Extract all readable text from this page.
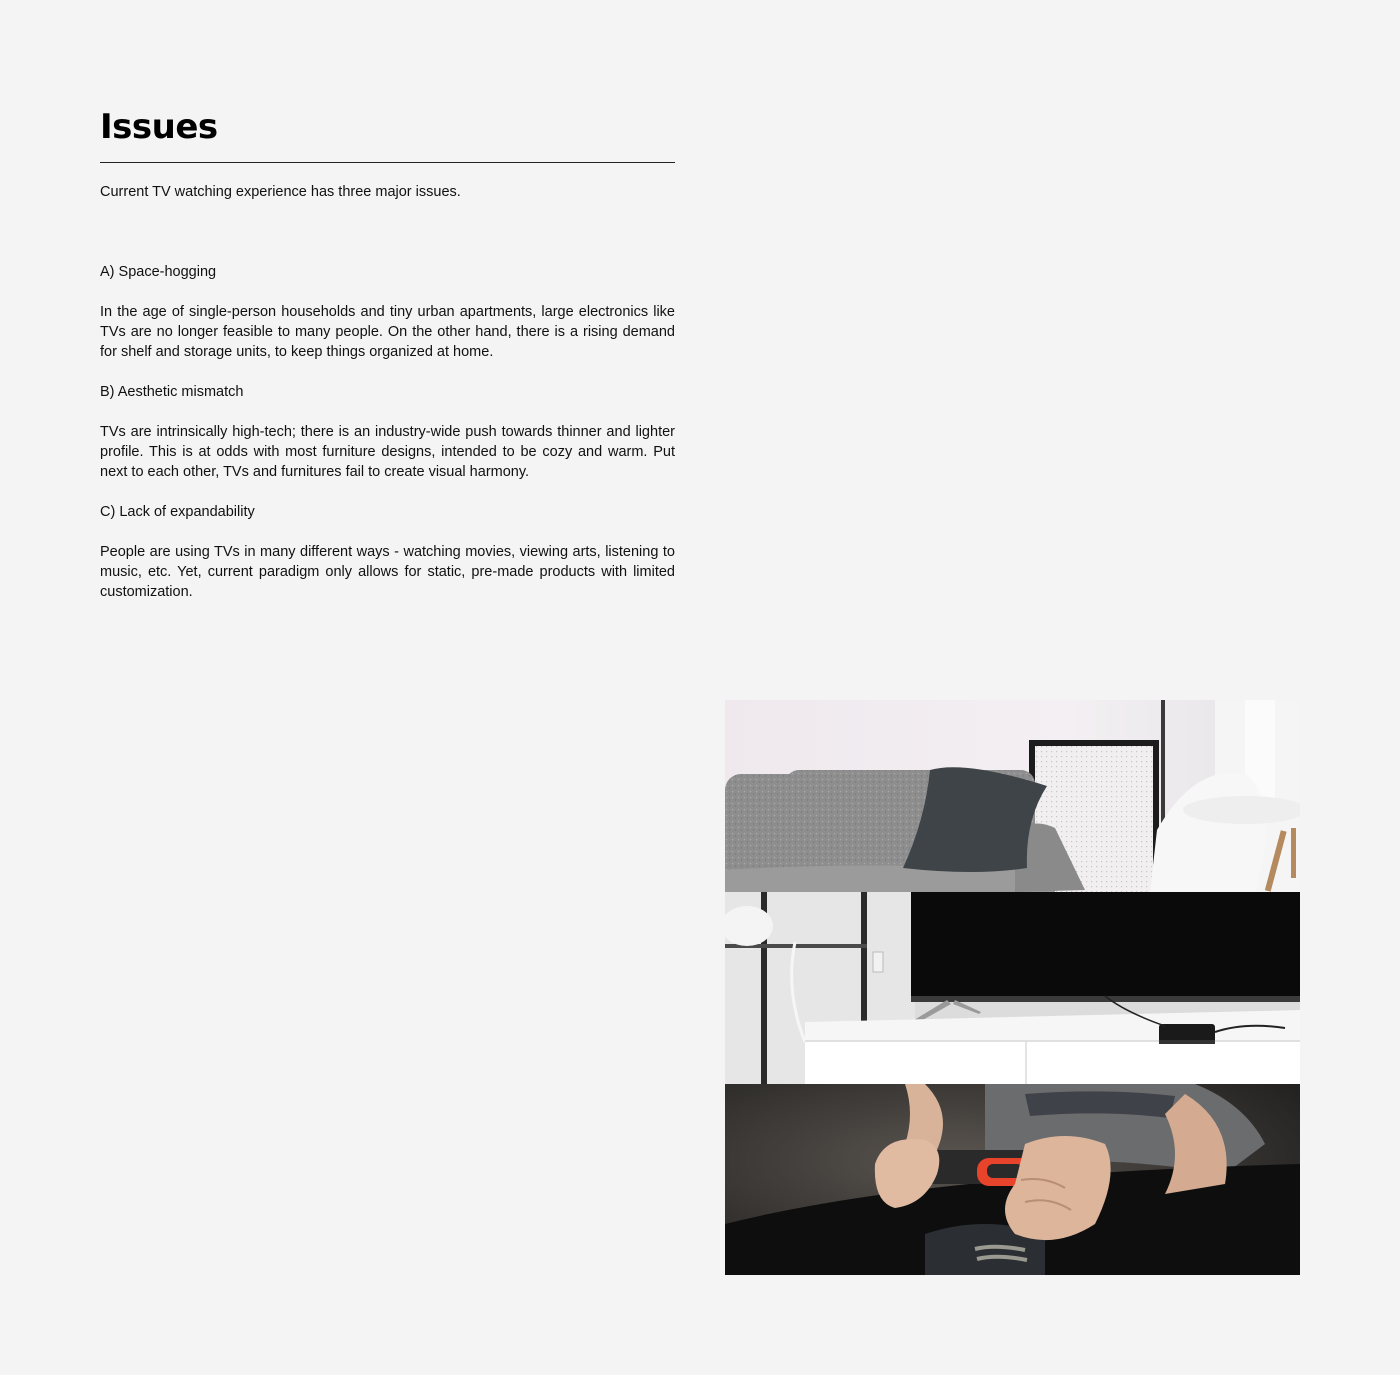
Issues

Current TV watching experience has three major issues.

A) Space-hogging

In the age of single-person households and tiny urban apartments, large electronics like TVs are no longer feasible to many people. On the other hand, there is a rising demand for shelf and storage units, to keep things organized at home.

B) Aesthetic mismatch

TVs are intrinsically high-tech; there is an industry-wide push towards thinner and lighter profile. This is at odds with most furniture designs, intended to be cozy and warm. Put next to each other, TVs and furnitures fail to create visual harmony.

C) Lack of expandability

People are using TVs in many different ways - watching movies, viewing arts, listening to music, etc. Yet, current paradigm only allows for static, pre-made products with limited customization.
